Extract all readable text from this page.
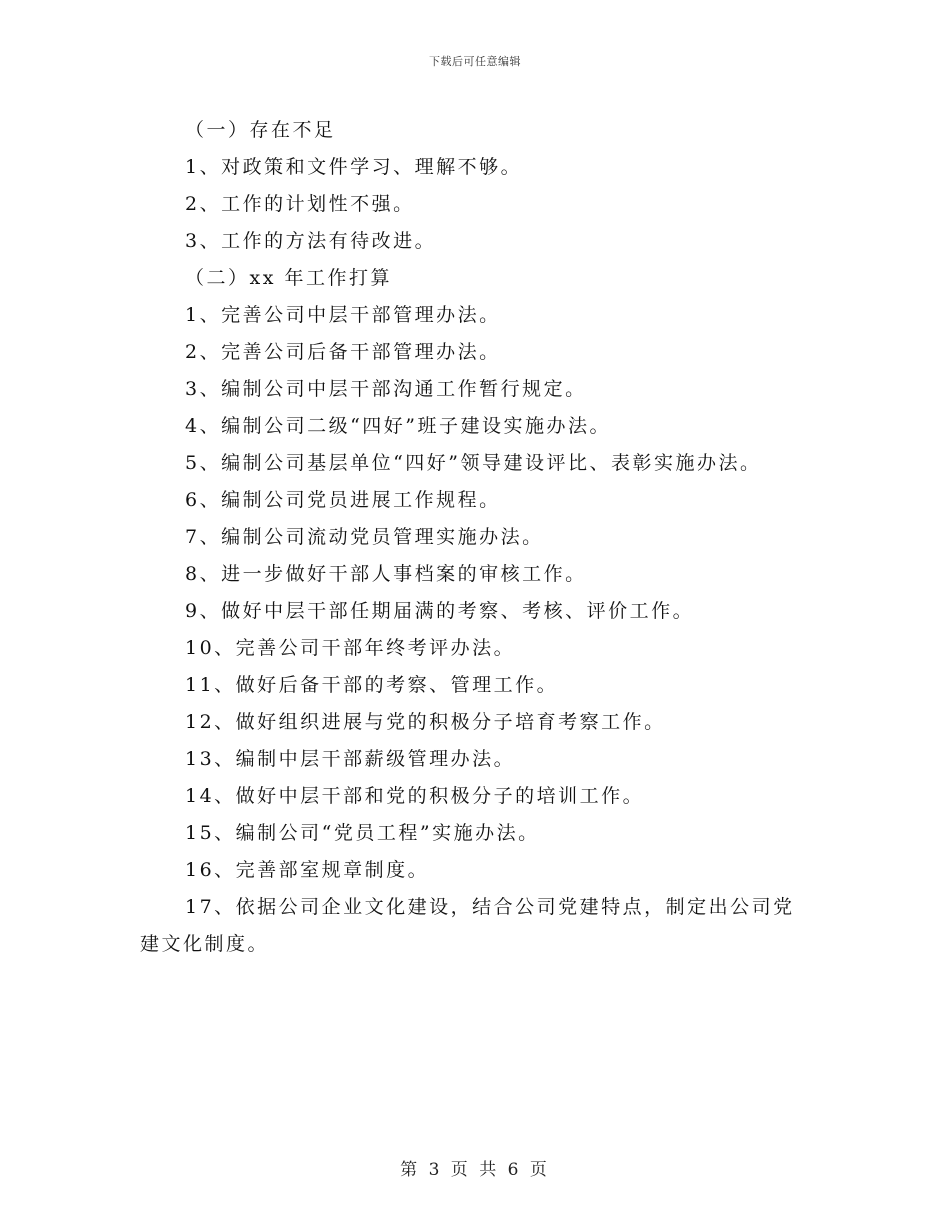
下载后可任意编辑
（一）存在不足
1、对政策和文件学习、理解不够。
2、工作的计划性不强。
3、工作的方法有待改进。
（二）xx 年工作打算
1、完善公司中层干部管理办法。
2、完善公司后备干部管理办法。
3、编制公司中层干部沟通工作暂行规定。
4、编制公司二级“四好”班子建设实施办法。
5、编制公司基层单位“四好”领导建设评比、表彰实施办法。
6、编制公司党员进展工作规程。
7、编制公司流动党员管理实施办法。
8、进一步做好干部人事档案的审核工作。
9、做好中层干部任期届满的考察、考核、评价工作。
10、完善公司干部年终考评办法。
11、做好后备干部的考察、管理工作。
12、做好组织进展与党的积极分子培育考察工作。
13、编制中层干部薪级管理办法。
14、做好中层干部和党的积极分子的培训工作。
15、编制公司“党员工程”实施办法。
16、完善部室规章制度。
17、依据公司企业文化建设，结合公司党建特点，制定出公司党建文化制度。
第 3 页 共 6 页
